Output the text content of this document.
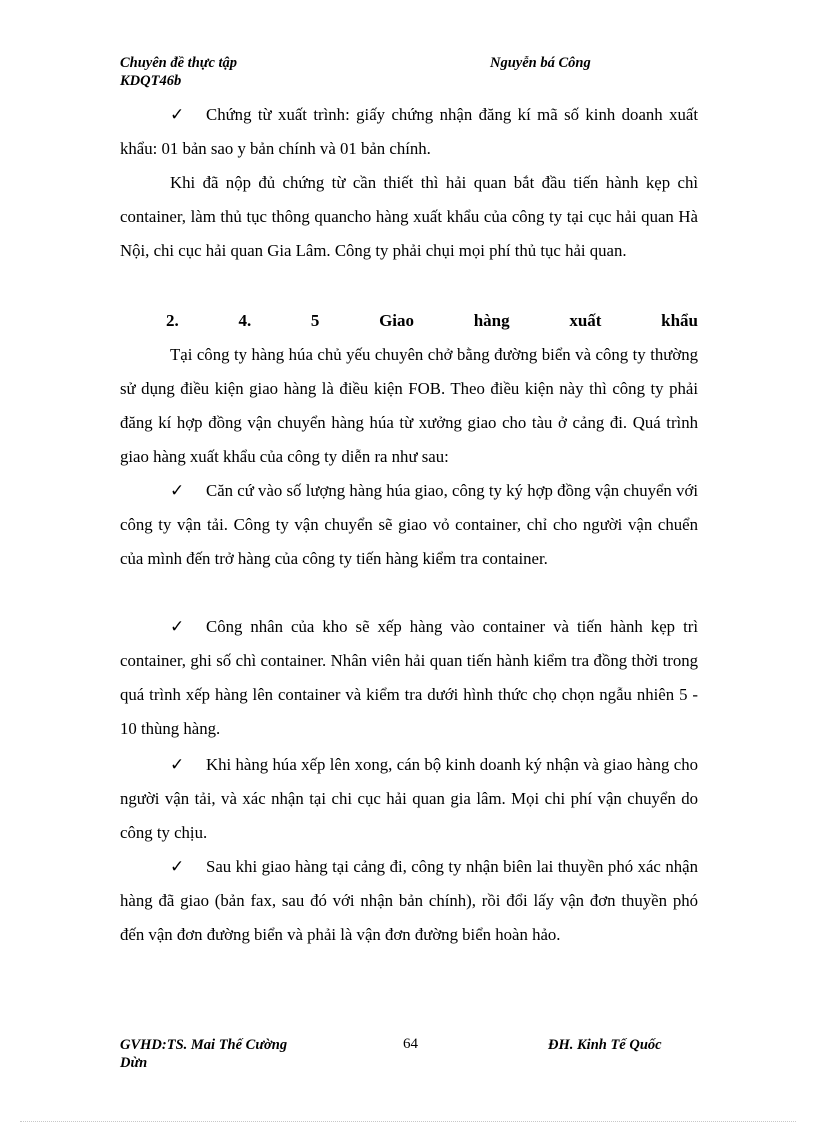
Chuyên đề thực tập
KDQT46b
Nguyễn bá Công

✓ Chứng từ xuất trình: giấy chứng nhận đăng kí mã số kinh doanh xuất khẩu: 01 bản sao y bản chính và 01 bản chính.

Khi đã nộp đủ chứng từ cần thiết thì hải quan bắt đầu tiến hành kẹp chì container, làm thủ tục thông quancho hàng xuất khẩu của công ty tại cục hải quan Hà Nội, chi cục hải quan Gia Lâm. Công ty phải chụi mọi phí thủ tục hải quan.

2.	4.	5	Giao	hàng	xuất	khẩu

Tại công ty hàng húa chủ yếu chuyên chở bằng đường biển và công ty thường sử dụng điều kiện giao hàng là điều kiện FOB. Theo điều kiện này thì công ty phải đăng kí hợp đồng vận chuyển hàng húa từ xưởng giao cho tàu ở cảng đi. Quá trình giao hàng xuất khẩu của công ty diễn ra như sau:

✓ Căn cứ vào số lượng hàng húa giao, công ty ký hợp đồng vận chuyển với công ty vận tải. Công ty vận chuyển sẽ giao vỏ container, chỉ cho người vận chuển của mình đến trở hàng của công ty tiến hàng kiểm tra container.

✓ Công nhân của kho sẽ xếp hàng vào container và tiến hành kẹp trì container, ghi số chì container. Nhân viên hải quan tiến hành kiểm tra đồng thời trong quá trình xếp hàng lên container và kiểm tra dưới hình thức chọ chọn ngẫu nhiên 5 - 10 thùng hàng.

✓ Khi hàng húa xếp lên xong, cán bộ kinh doanh ký nhận và giao hàng cho người vận tải, và xác nhận tại chi cục hải quan gia lâm. Mọi chi phí vận chuyển do công ty chịu.

✓ Sau khi giao hàng tại cảng đi, công ty nhận biên lai thuyền phó xác nhận hàng đã giao (bản fax, sau đó với nhận bản chính), rồi đổi lấy vận đơn thuyền phó đến vận đơn đường biển và phải là vận đơn đường biển hoàn hảo.

GVHD:TS. Mai Thế Cường
Dừn
64	ĐH. Kinh Tế Quốc
